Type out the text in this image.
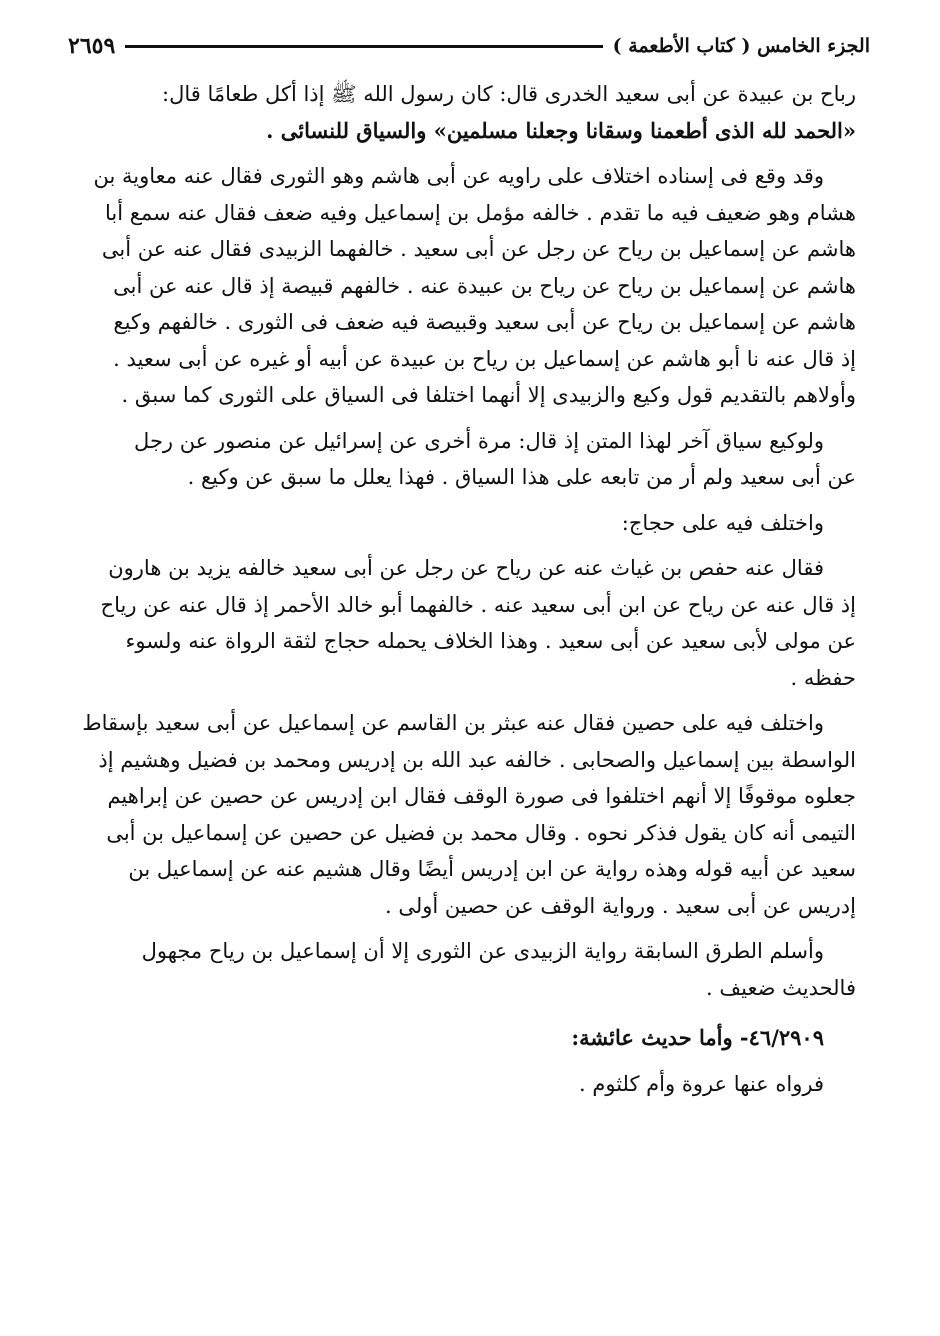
الجزء الخامس ( كتاب الأطعمة )
٢٦٥٩

رباح بن عبيدة عن أبى سعيد الخدرى قال: كان رسول الله ﷺ إذا أكل طعامًا قال:
«الحمد لله الذى أطعمنا وسقانا وجعلنا مسلمين» والسياق للنسائى .

وقد وقع فى إسناده اختلاف على راويه عن أبى هاشم وهو الثورى فقال عنه معاوية بن
هشام وهو ضعيف فيه ما تقدم . خالفه مؤمل بن إسماعيل وفيه ضعف فقال عنه سمع أبا
هاشم عن إسماعيل بن رياح عن رجل عن أبى سعيد . خالفهما الزبيدى فقال عنه عن أبى
هاشم عن إسماعيل بن رياح عن رياح بن عبيدة عنه . خالفهم قبيصة إذ قال عنه عن أبى
هاشم عن إسماعيل بن رياح عن أبى سعيد وقبيصة فيه ضعف فى الثورى . خالفهم وكيع
إذ قال عنه نا أبو هاشم عن إسماعيل بن رياح بن عبيدة عن أبيه أو غيره عن أبى سعيد .
وأولاهم بالتقديم قول وكيع والزبيدى إلا أنهما اختلفا فى السياق على الثورى كما سبق .

ولوكيع سياق آخر لهذا المتن إذ قال: مرة أخرى عن إسرائيل عن منصور عن رجل
عن أبى سعيد ولم أر من تابعه على هذا السياق . فهذا يعلل ما سبق عن وكيع .

واختلف فيه على حجاج:

فقال عنه حفص بن غياث عنه عن رياح عن رجل عن أبى سعيد خالفه يزيد بن هارون
إذ قال عنه عن رياح عن ابن أبى سعيد عنه . خالفهما أبو خالد الأحمر إذ قال عنه عن رياح
عن مولى لأبى سعيد عن أبى سعيد . وهذا الخلاف يحمله حجاج لثقة الرواة عنه ولسوء
حفظه .

واختلف فيه على حصين فقال عنه عبثر بن القاسم عن إسماعيل عن أبى سعيد بإسقاط
الواسطة بين إسماعيل والصحابى . خالفه عبد الله بن إدريس ومحمد بن فضيل وهشيم إذ
جعلوه موقوفًا إلا أنهم اختلفوا فى صورة الوقف فقال ابن إدريس عن حصين عن إبراهيم
التيمى أنه كان يقول فذكر نحوه . وقال محمد بن فضيل عن حصين عن إسماعيل بن أبى
سعيد عن أبيه قوله وهذه رواية عن ابن إدريس أيضًا وقال هشيم عنه عن إسماعيل بن
إدريس عن أبى سعيد . ورواية الوقف عن حصين أولى .

وأسلم الطرق السابقة رواية الزبيدى عن الثورى إلا أن إسماعيل بن رياح مجهول
فالحديث ضعيف .

٤٦/٢٩٠٩- وأما حديث عائشة:

فرواه عنها عروة وأم كلثوم .
